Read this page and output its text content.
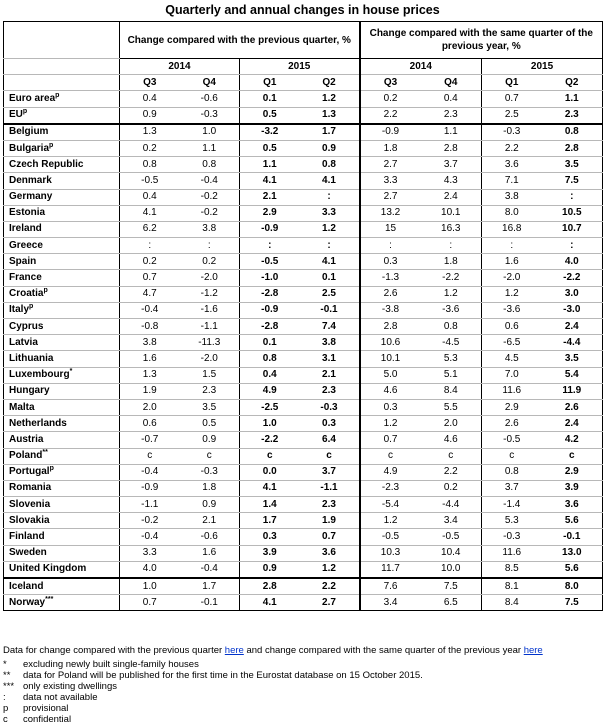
Quarterly and annual changes in house prices
	Change compared with the previous quarter, %				Change compared with the same quarter of the previous year, %			
	2014		2015		2014		2015	
	Q3	Q4	Q1	Q2	Q3	Q4	Q1	Q2
Euro area$^p$	0.4	-0.6	0.1	1.2	0.2	0.4	0.7	1.1
$EU^p$	0.9	-0.3	0.5	1.3	2.2	2.3	2.5	2.3
Belgium	1.3	1.0	-3.2	1.7	-0.9	1.1	-0.3	0.8
Bulgaria$^p$	0.2	1.1	0.5	0.9	1.8	2.8	2.2	2.8
Czech Republic	0.8	0.8	1.1	0.8	2.7	3.7	3.6	3.5
Denmark	-0.5	-0.4	4.1	4.1	3.3	4.3	7.1	7.5
Germany	0.4	-0.2	2.1	:	2.7	2.4	3.8	:
Estonia	4.1	-0.2	2.9	3.3	13.2	10.1	8.0	10.5
Ireland	6.2	3.8	-0.9	1.2	15	16.3	16.8	10.7
Greece	:	:	:	:	:	:	:	:
Spain	0.2	0.2	-0.5	4.1	0.3	1.8	1.6	4.0
France	0.7	-2.0	-1.0	0.1	-1.3	-2.2	-2.0	-2.2
Croatia$^p$	4.7	-1.2	-2.8	2.5	2.6	1.2	1.2	3.0
Italy$^p$	-0.4	-1.6	-0.9	-0.1	-3.8	-3.6	-3.6	-3.0
Cyprus	-0.8	-1.1	-2.8	7.4	2.8	0.8	0.6	2.4
Latvia	3.8	-11.3	0.1	3.8	10.6	-4.5	-6.5	-4.4
Lithuania	1.6	-2.0	0.8	3.1	10.1	5.3	4.5	3.5
Luxembourg*	1.3	1.5	0.4	2.1	5.0	5.1	7.0	5.4
Hungary	1.9	2.3	4.9	2.3	4.6	8.4	11.6	11.9
Malta	2.0	3.5	-2.5	-0.3	0.3	5.5	2.9	2.6
Netherlands	0.6	0.5	1.0	0.3	1.2	2.0	2.6	2.4
Austria	-0.7	0.9	-2.2	6.4	0.7	4.6	-0.5	4.2
Poland**	c	c	c	c	c	c	c	c
Portugal$^p$	-0.4	-0.3	0.0	3.7	4.9	2.2	0.8	2.9
Romania	-0.9	1.8	4.1	-1.1	-2.3	0.2	3.7	3.9
Slovenia	-1.1	0.9	1.4	2.3	-5.4	-4.4	-1.4	3.6
Slovakia	-0.2	2.1	1.7	1.9	1.2	3.4	5.3	5.6
Finland	-0.4	-0.6	0.3	0.7	-0.5	-0.5	-0.3	-0.1
Sweden	3.3	1.6	3.9	3.6	10.3	10.4	11.6	13.0
United Kingdom	4.0	-0.4	0.9	1.2	11.7	10.0	8.5	5.6
Iceland	1.0	1.7	2.8	2.2	7.6	7.5	8.1	8.0
Norway***	0.7	-0.1	4.1	2.7	3.4	6.5	8.4	7.5
Data for change compared with the previous quarter here and change compared with the same quarter of the previous year here
*	excluding newly built single-family houses
**	data for Poland will be published for the first time in the Eurostat database on 15 October 2015.
*** only existing dwellings
:	data not available
p	provisional
c	confidential
